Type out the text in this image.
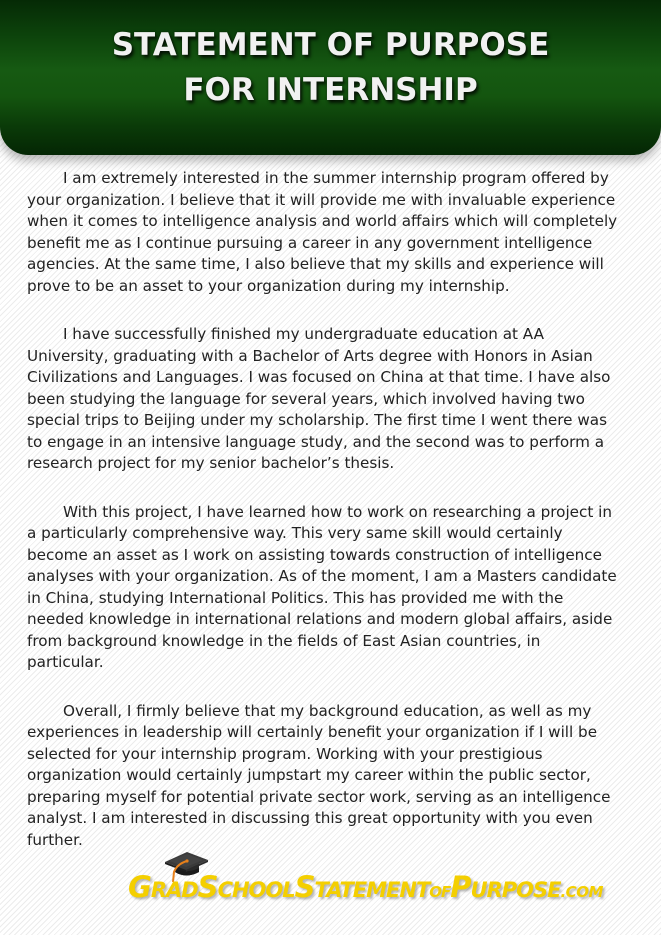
STATEMENT OF PURPOSE
FOR INTERNSHIP

I am extremely interested in the summer internship program offered by
your organization. I believe that it will provide me with invaluable experience
when it comes to intelligence analysis and world affairs which will completely
benefit me as I continue pursuing a career in any government intelligence
agencies. At the same time, I also believe that my skills and experience will
prove to be an asset to your organization during my internship.

I have successfully finished my undergraduate education at AA
University, graduating with a Bachelor of Arts degree with Honors in Asian
Civilizations and Languages. I was focused on China at that time. I have also
been studying the language for several years, which involved having two
special trips to Beijing under my scholarship. The first time I went there was
to engage in an intensive language study, and the second was to perform a
research project for my senior bachelor’s thesis.

With this project, I have learned how to work on researching a project in
a particularly comprehensive way. This very same skill would certainly
become an asset as I work on assisting towards construction of intelligence
analyses with your organization. As of the moment, I am a Masters candidate
in China, studying International Politics. This has provided me with the
needed knowledge in international relations and modern global affairs, aside
from background knowledge in the fields of East Asian countries, in
particular.

Overall, I firmly believe that my background education, as well as my
experiences in leadership will certainly benefit your organization if I will be
selected for your internship program. Working with your prestigious
organization would certainly jumpstart my career within the public sector,
preparing myself for potential private sector work, serving as an intelligence
analyst. I am interested in discussing this great opportunity with you even
further.

GRADSCHOOLSTATEMENTOFPURPOSE.COM
